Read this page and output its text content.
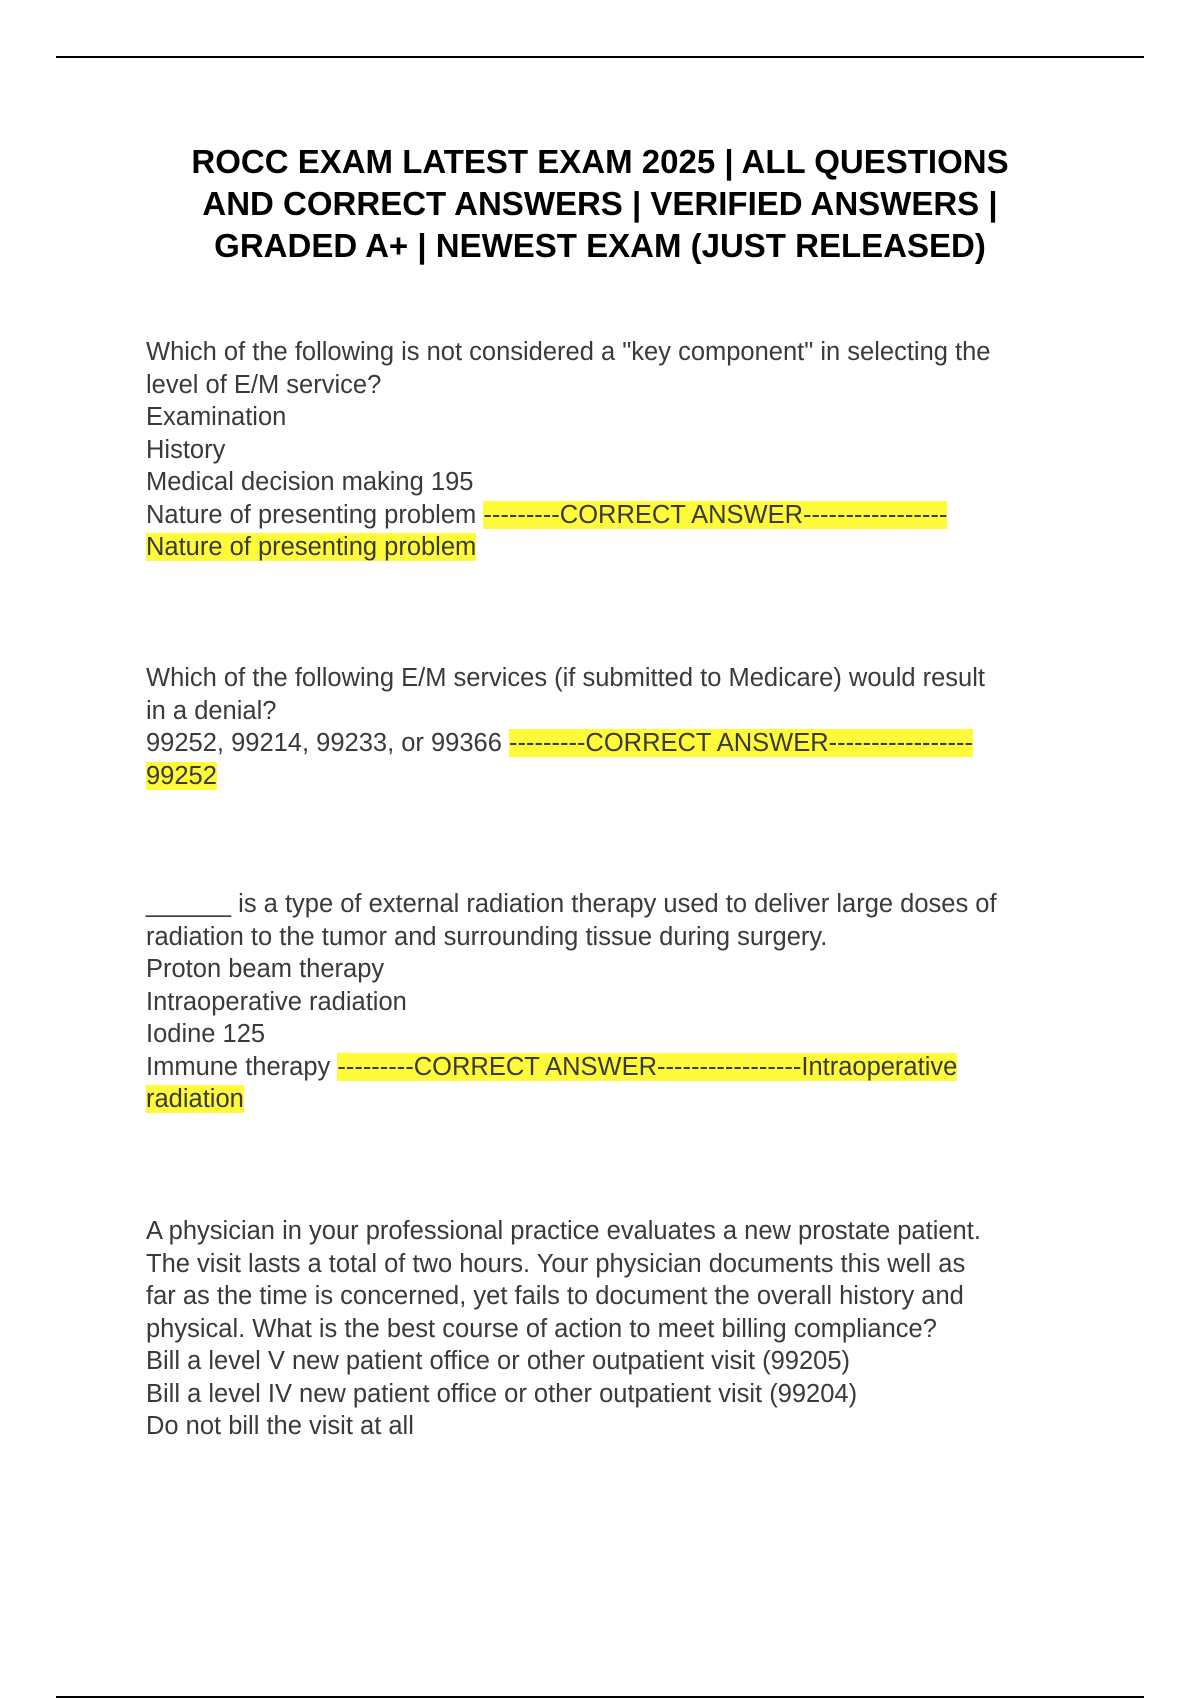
ROCC EXAM LATEST EXAM 2025 | ALL QUESTIONS
AND CORRECT ANSWERS | VERIFIED ANSWERS |
GRADED A+ | NEWEST EXAM (JUST RELEASED)
Which of the following is not considered a "key component" in selecting the
level of E/M service?
Examination
History
Medical decision making 195
Nature of presenting problem ---------CORRECT ANSWER-----------------
Nature of presenting problem
Which of the following E/M services (if submitted to Medicare) would result
in a denial?
99252, 99214, 99233, or 99366 ---------CORRECT ANSWER-----------------
99252
______ is a type of external radiation therapy used to deliver large doses of
radiation to the tumor and surrounding tissue during surgery.
Proton beam therapy
Intraoperative radiation
Iodine 125
Immune therapy ---------CORRECT ANSWER-----------------Intraoperative
radiation
A physician in your professional practice evaluates a new prostate patient.
The visit lasts a total of two hours. Your physician documents this well as
far as the time is concerned, yet fails to document the overall history and
physical. What is the best course of action to meet billing compliance?
Bill a level V new patient office or other outpatient visit (99205)
Bill a level IV new patient office or other outpatient visit (99204)
Do not bill the visit at all
